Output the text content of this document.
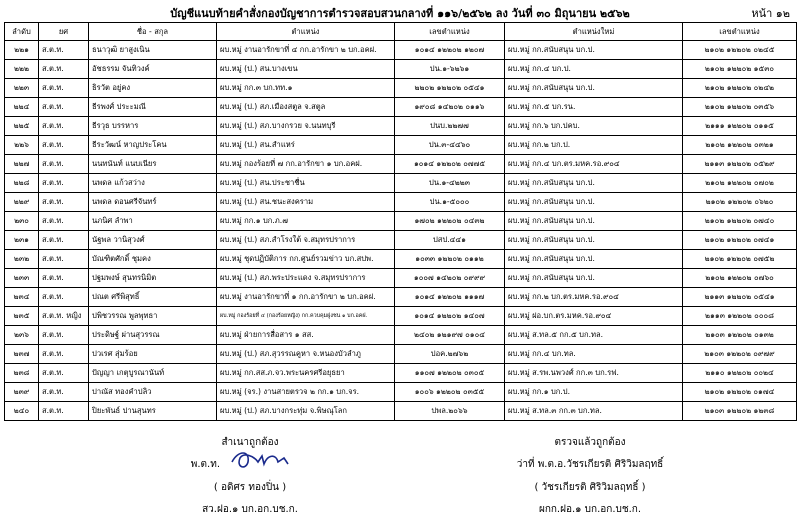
บัญชีแนบท้ายคำสั่งกองบัญชาการตำรวจสอบสวนกลางที่ ๑๑๖/๒๕๖๒ ลง วันที่ ๓๐ มิถุนายน ๒๕๖๒	หน้า ๑๒
ลำดับ	ยศ	ชื่อ - สกุล	ตำแหน่ง	เลขตำแหน่ง	ตำแหน่งใหม่	เลขตำแหน่ง
๒๒๑	ส.ต.ท.	ธนาวุฒิ ยาสูงเนิน	ผบ.หมู่ งานอารักขาที่ ๔ กก.อารักขา ๒ บก.อคฝ.	๑๐๑๔ ๑๒๒๐๒ ๑๒๐๗	ผบ.หมู่ กก.สนับสนุน บก.ป.	๒๑๐๒ ๑๒๒๐๒ ๐๒๔๕
๒๒๒	ส.ต.ท.	อัชธรรม จันทิวงค์	ผบ.หมู่ (ป.) สน.บางเขน	ปน.๑-๖๒๖๑	ผบ.หมู่ กก.๔ บก.ป.	๒๑๐๒ ๑๒๒๐๒ ๑๕๓๐
๒๒๓	ส.ต.ท.	ธิรวัต อยู่คง	ผบ.หมู่ กก.๓ บก.ทท.๑	๒๒๐๒ ๑๒๒๐๒ ๐๕๔๑	ผบ.หมู่ กก.สนับสนุน บก.ป.	๒๑๐๒ ๑๒๒๐๒ ๐๒๔๒
๒๒๔	ส.ต.ท.	ธีรพงศ์ ประะมณี	ผบ.หมู่ (ป.) สภ.เมืองสตูล จ.สตูล	๑๙๐๘ ๑๔๒๐๒ ๐๑๑๖	ผบ.หมู่ กก.๕ บก.รน.	๒๑๐๒ ๑๒๒๐๒ ๐๓๕๖
๒๒๕	ส.ต.ท.	ธีรวุธ บรรหาร	ผบ.หมู่ (ป.) สภ.บางกรวย จ.นนทบุรี	ปนบ.๒๒๗๗	ผบ.หมู่ กก.๖ บก.ปคบ.	๒๑๑๑ ๑๒๒๐๒ ๐๑๑๕
๒๒๖	ส.ต.ท.	ธีระวัฒน์ หาญประโคน	ผบ.หมู่ (ป.) สน.สำแหร่	ปน.๓-๔๔๖๐	ผบ.หมู่ กก.๒ บก.ป.	๒๑๐๒ ๑๒๒๐๒ ๐๓๒๑
๒๒๗	ส.ต.ท.	นนทนันท์ แนบเนียร	ผบ.หมู่ กองร้อยที่ ๗ กก.อารักขา ๑ บก.อคฝ.	๑๐๑๔ ๑๒๒๐๒ ๐๗๗๕	ผบ.หมู่ กก.๔ บก.ตร.มหค.รอ.๙๐๔	๒๑๑๓ ๑๒๒๐๒ ๐๕๒๙
๒๒๘	ส.ต.ท.	นพดล แก้วสว่าง	ผบ.หมู่ (ป.) สน.ประชาชื่น	ปน.๑-๔๒๒๓	ผบ.หมู่ กก.สนับสนุน บก.ป.	๒๑๐๒ ๑๒๒๐๒ ๐๗๐๒
๒๒๙	ส.ต.ท.	นพดล ดอนศรีจันทร์	ผบ.หมู่ (ป.) สน.ชนะสงคราม	ปน.๑-๕๐๐๐	ผบ.หมู่ กก.สนับสนุน บก.ป.	๒๑๐๒ ๑๒๒๐๒ ๐๖๒๐
๒๓๐	ส.ต.ท.	นภนิศ ลำพา	ผบ.หมู่ กก.๑ บก.ภ.๗	๑๗๐๒ ๑๒๒๐๒ ๐๔๓๒	ผบ.หมู่ กก.สนับสนุน บก.ป.	๒๑๐๒ ๑๒๒๐๒ ๐๗๔๐
๒๓๑	ส.ต.ท.	นัฐพล วานิสุวงศ์	ผบ.หมู่ (ป.) สภ.สำโรงใต้ จ.สมุทรปราการ	ปสป.๔๔๑	ผบ.หมู่ กก.สนับสนุน บก.ป.	๒๑๐๒ ๑๒๒๐๒ ๐๗๔๑
๒๓๒	ส.ต.ท.	บัณฑิตศักดิ์ ชุมคง	ผบ.หมู่ ชุดปฏิบัติการ กก.ศูนย์รวมข่าว บก.สปพ.	๑๐๓๓ ๑๒๒๐๒ ๐๑๑๒	ผบ.หมู่ กก.สนับสนุน บก.ป.	๒๑๐๒ ๑๒๒๐๒ ๐๗๕๒
๒๓๓	ส.ต.ท.	ปฐมพงษ์ สุนทรนิมิต	ผบ.หมู่ (ป.) สภ.พระประแดง จ.สมุทรปราการ	๑๐๐๗ ๑๔๒๐๒ ๐๙๙๙	ผบ.หมู่ กก.สนับสนุน บก.ป.	๒๑๐๒ ๑๒๒๐๒ ๐๗๖๐
๒๓๔	ส.ต.ท.	ปณต ศรีพิสุทธิ์	ผบ.หมู่ งานอารักขาที่ ๑ กก.อารักขา ๒ บก.อคฝ.	๑๐๑๔ ๑๒๒๐๒ ๑๑๑๗	ผบ.หมู่ กก.๒ บก.ตร.มหค.รอ.๙๐๔	๒๑๑๓ ๑๒๒๐๒ ๐๕๔๑
๒๓๕	ส.ต.ท. หญิง	ปพิชวรรณ พูลพุทธา	ผบ.หมู่ กองร้อยที่ ๔ (กองร้อยหญิง) กก.ควบคุมฝูงชน ๑ บก.อคฝ.	๑๐๑๔ ๑๒๒๐๒ ๑๔๐๗	ผบ.หมู่ ฝอ.บก.ตร.มหค.รอ.๙๐๔	๒๑๑๓ ๑๒๒๐๒ ๐๐๐๘
๒๓๖	ส.ต.ท.	ประดิษฐ์ ผ่านสุวรรณ	ผบ.หมู่ ฝ่ายการสื่อสาร ๑ สส.	๒๔๐๒ ๑๒๑๙๗ ๐๑๐๔	ผบ.หมู่ ส.ทล.๕ กก.๕ บก.ทล.	๒๑๐๓ ๑๒๒๐๒ ๐๑๓๒
๒๓๗	ส.ต.ท.	ปวเรศ สุ่มร้อย	ผบ.หมู่ (ป.) สภ.สุวรรณคูหา จ.หนองบัวลำภู	ปอค.๒๗๖๒	ผบ.หมู่ กก.๔ บก.ทล.	๒๑๐๓ ๑๒๒๐๒ ๐๙๗๙
๒๓๘	ส.ต.ท.	ปัญญา เกตุบูรณานันท์	ผบ.หมู่ กก.สส.ภ.จว.พระนครศรีอยุธยา	๑๑๐๗ ๑๒๒๐๒ ๐๓๐๕	ผบ.หมู่ ส.รพ.นพวงศ์ กก.๓ บก.รฟ.	๒๑๑๐ ๑๒๒๐๒ ๐๐๒๔
๒๓๙	ส.ต.ท.	ปาณัส ทองคำปลิว	ผบ.หมู่ (จร.) งานสายตรวจ ๒ กก.๑ บก.จร.	๑๐๐๖ ๑๒๒๐๒ ๐๓๕๕	ผบ.หมู่ กก.๑ บก.ป.	๒๑๐๒ ๑๒๒๐๒ ๐๑๗๔
๒๔๐	ส.ต.ท.	ปิยะพันธ์ ปานสุนทร	ผบ.หมู่ (ป.) สภ.บางกระทุ่ม จ.พิษณุโลก	ปพล.๒๐๖๖	ผบ.หมู่ ส.ทล.๓ กก.๓ บก.ทล.	๒๑๐๓ ๑๒๒๐๒ ๑๒๓๘
สำเนาถูกต้อง
พ.ต.ท.
( อดิศร ทองปิ่น )
สว.ฝอ.๑ บก.อก.บช.ก.
ตรวจแล้วถูกต้อง
ว่าที่ พ.ต.อ.วัชรเกียรติ ศิริวิมลฤทธิ์
( วัชรเกียรติ ศิริวิมลฤทธิ์ )
ผกก.ฝอ.๑ บก.อก.บช.ก.
